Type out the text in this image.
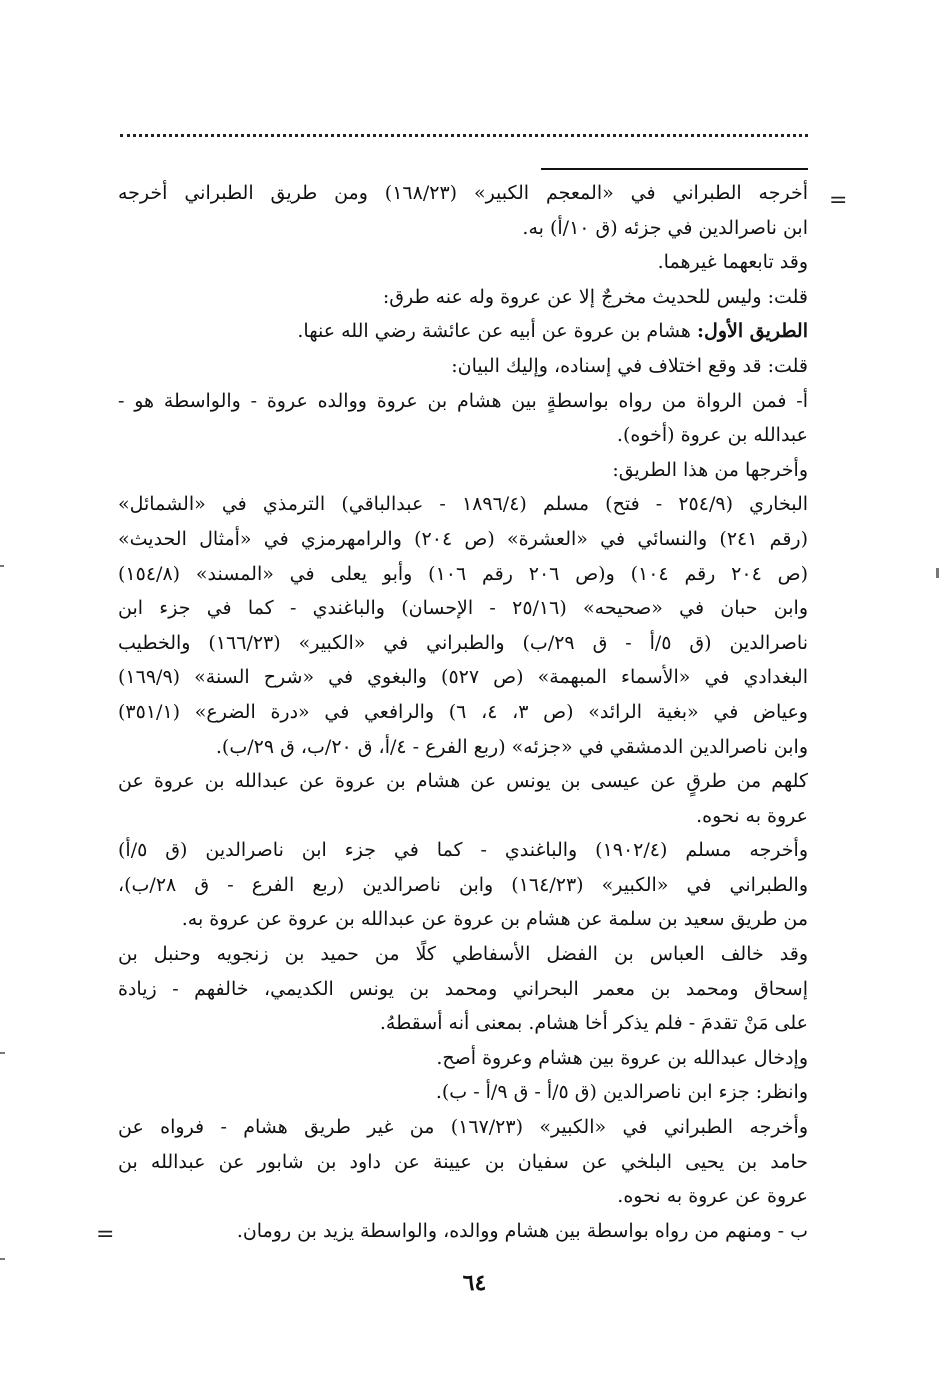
=
=
أخرجه الطبراني في «المعجم الكبير» (١٦٨/٢٣) ومن طريق الطبراني أخرجه
ابن ناصرالدين في جزئه (ق ١٠/أ) به.
وقد تابعهما غيرهما.
قلت: وليس للحديث مخرجٌ إلا عن عروة وله عنه طرق:
الطريق الأول: هشام بن عروة عن أبيه عن عائشة رضي الله عنها.
قلت: قد وقع اختلاف في إسناده، وإليك البيان:
أ- فمن الرواة من رواه بواسطةٍ بين هشام بن عروة ووالده عروة - والواسطة هو -
عبدالله بن عروة (أخوه).
وأخرجها من هذا الطريق:
البخاري (٢٥٤/٩ - فتح) مسلم (١٨٩٦/٤ - عبدالباقي) الترمذي في «الشمائل»
(رقم ٢٤١) والنسائي في «العشرة» (ص ٢٠٤) والرامهرمزي في «أمثال الحديث»
(ص ٢٠٤ رقم ١٠٤) و(ص ٢٠٦ رقم ١٠٦) وأبو يعلى في «المسند» (١٥٤/٨)
وابن حبان في «صحيحه» (٢٥/١٦ - الإحسان) والباغندي - كما في جزء ابن
ناصرالدين (ق ٥/أ - ق ٢٩/ب) والطبراني في «الكبير» (١٦٦/٢٣) والخطيب
البغدادي في «الأسماء المبهمة» (ص ٥٢٧) والبغوي في «شرح السنة» (١٦٩/٩)
وعياض في «بغية الرائد» (ص ٣، ٤، ٦) والرافعي في «درة الضرع» (٣٥١/١)
وابن ناصرالدين الدمشقي في «جزئه» (ربع الفرع - ٤/أ، ق ٢٠/ب، ق ٢٩/ب).
كلهم من طرقٍ عن عيسى بن يونس عن هشام بن عروة عن عبدالله بن عروة عن
عروة به نحوه.
وأخرجه مسلم (١٩٠٢/٤) والباغندي - كما في جزء ابن ناصرالدين (ق ٥/أ)
والطبراني في «الكبير» (١٦٤/٢٣) وابن ناصرالدين (ربع الفرع - ق ٢٨/ب)،
من طريق سعيد بن سلمة عن هشام بن عروة عن عبدالله بن عروة عن عروة به.
وقد خالف العباس بن الفضل الأسفاطي كلًا من حميد بن زنجويه وحنبل بن
إسحاق ومحمد بن معمر البحراني ومحمد بن يونس الكديمي، خالفهم - زيادة
على مَنْ تقدمَ - فلم يذكر أخا هشام. بمعنى أنه أسقطهُ.
وإدخال عبدالله بن عروة بين هشام وعروة أصح.
وانظر: جزء ابن ناصرالدين (ق ٥/أ - ق ٩/أ - ب).
وأخرجه الطبراني في «الكبير» (١٦٧/٢٣) من غير طريق هشام - فرواه عن
حامد بن يحيى البلخي عن سفيان بن عيينة عن داود بن شابور عن عبدالله بن
عروة عن عروة به نحوه.
ب - ومنهم من رواه بواسطة بين هشام ووالده، والواسطة يزيد بن رومان.
٦٤
